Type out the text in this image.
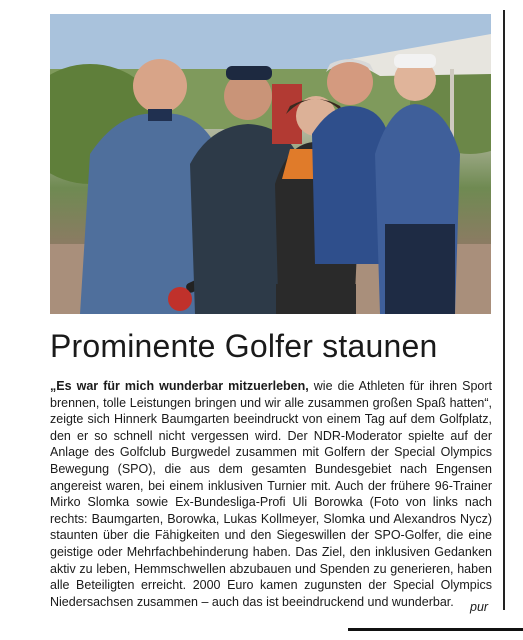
Prominente Golfer staunen

„Es war für mich wunderbar mitzuerleben, wie die Athleten für ihren Sport brennen, tolle Leistungen bringen und wir alle zusammen großen Spaß hatten“, zeigte sich Hinnerk Baumgarten beeindruckt von einem Tag auf dem Golfplatz, den er so schnell nicht vergessen wird. Der NDR-Moderator spielte auf der Anlage des Golfclub Burgwedel zusammen mit Golfern der Special Olympics Bewegung (SPO), die aus dem gesamten Bundesgebiet nach Engensen angereist waren, bei einem inklusiven Turnier mit. Auch der frühere 96-Trainer Mirko Slomka sowie Ex-Bundesliga-Profi Uli Borowka (Foto von links nach rechts: Baumgarten, Borowka, Lukas Kollmeyer, Slomka und Alexandros Nycz) staunten über die Fähigkeiten und den Siegeswillen der SPO-Golfer, die eine geistige oder Mehrfachbehinderung haben. Das Ziel, den inklusiven Gedanken aktiv zu leben, Hemmschwellen abzubauen und Spenden zu generieren, haben alle Beteiligten erreicht. 2000 Euro kamen zugunsten der Special Olympics Niedersachsen zusammen – auch das ist beeindruckend und wunderbar.	pur
